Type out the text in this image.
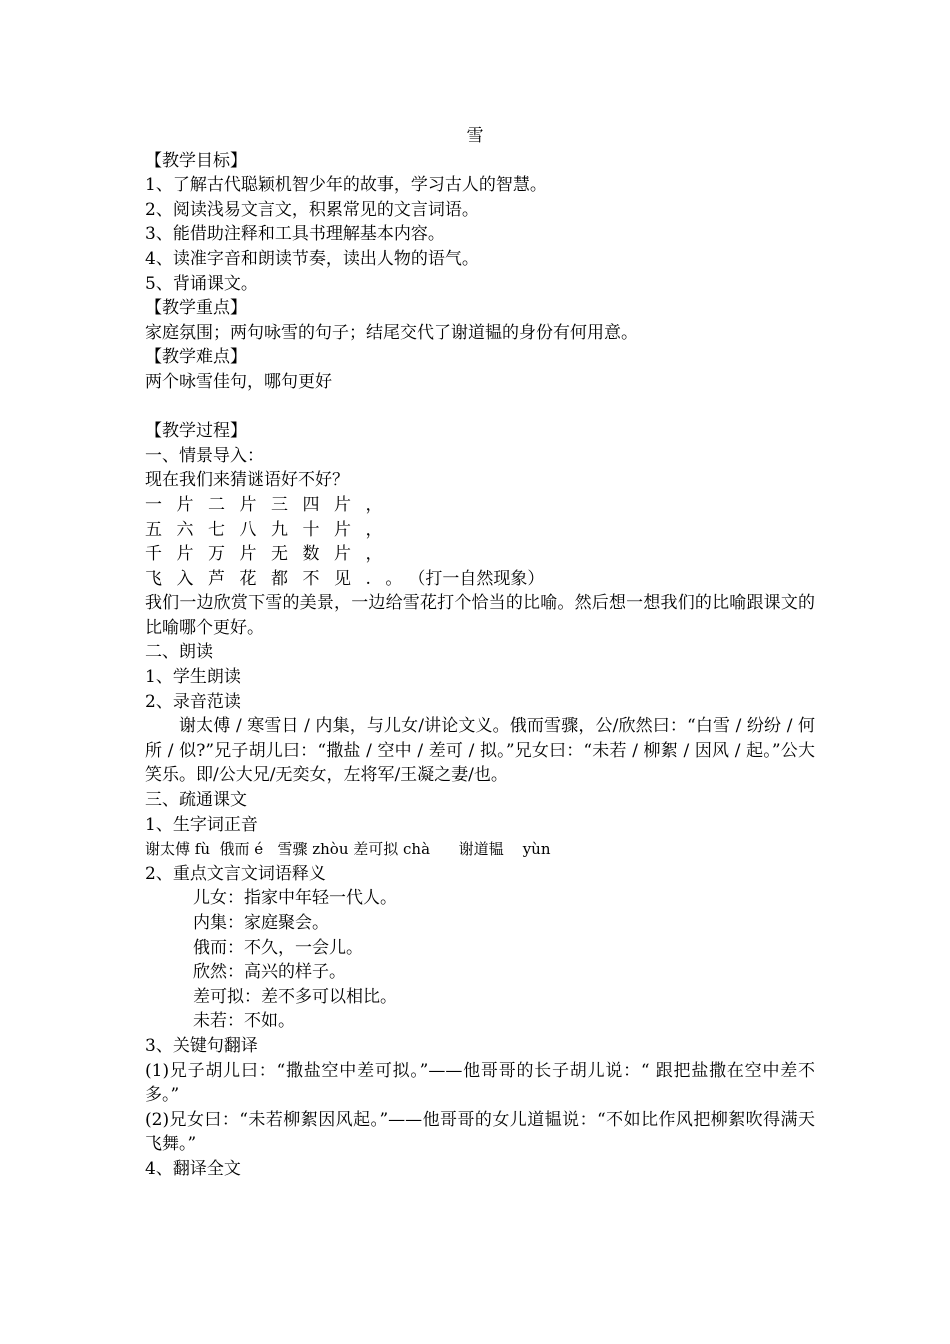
雪
【教学目标】
1、了解古代聪颖机智少年的故事，学习古人的智慧。
2、阅读浅易文言文，积累常见的文言词语。
3、能借助注释和工具书理解基本内容。
4、读准字音和朗读节奏，读出人物的语气。
5、背诵课文。
【教学重点】
家庭氛围；两句咏雪的句子；结尾交代了谢道韫的身份有何用意。
【教学难点】
两个咏雪佳句，哪句更好
【教学过程】
一、情景导入：
现在我们来猜谜语好不好？
一片二片三四片，
五六七八九十片，
千片万片无数片，
飞入芦花都不见.。（打一自然现象）
我们一边欣赏下雪的美景，一边给雪花打个恰当的比喻。然后想一想我们的比喻跟课文的比喻哪个更好。
二、朗读
1、学生朗读
2、录音范读
谢太傅 / 寒雪日 / 内集，与儿女/讲论文义。俄而雪骤，公/欣然曰：“白雪 / 纷纷 / 何所 / 似?”兄子胡儿曰：“撒盐 / 空中 / 差可 / 拟。”兄女曰：“未若 / 柳絮 / 因风 / 起。”公大笑乐。即/公大兄/无奕女，左将军/王凝之妻/也。
三、疏通课文
1、生字词正音
谢太傅 fù  俄而 é   雪骤 zhòu 差可拟 chà      谢道韫    yùn
2、重点文言文词语释义
儿女：指家中年轻一代人。
内集：家庭聚会。
俄而：不久，一会儿。
欣然：高兴的样子。
差可拟：差不多可以相比。
未若：不如。
3、关键句翻译
(1)兄子胡儿曰：“撒盐空中差可拟。”——他哥哥的长子胡儿说：“ 跟把盐撒在空中差不多。”
(2)兄女曰：“未若柳絮因风起。”——他哥哥的女儿道韫说：“不如比作风把柳絮吹得满天飞舞。”
4、翻译全文
